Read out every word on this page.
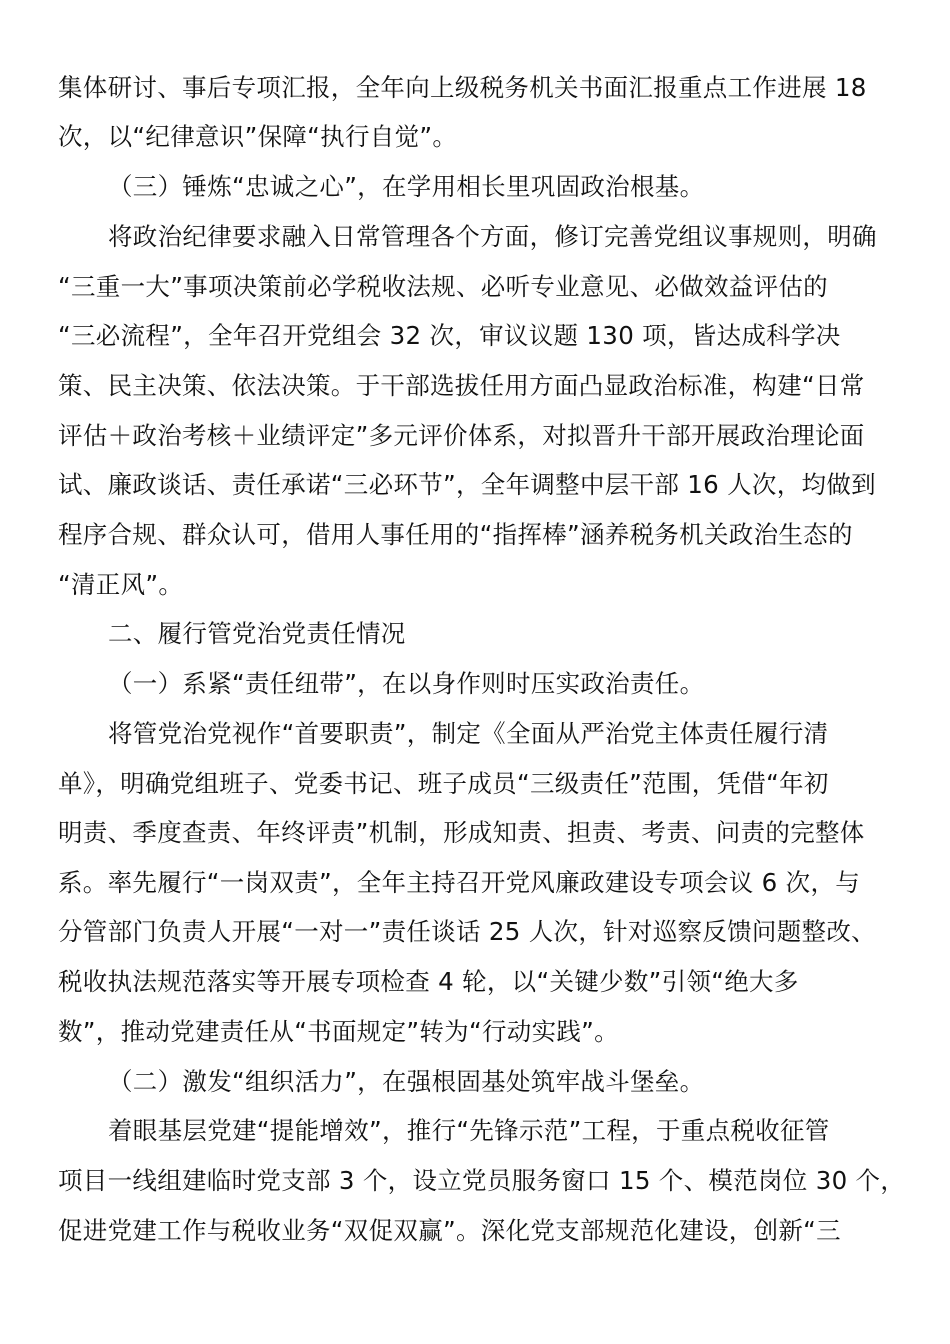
集体研讨、事后专项汇报，全年向上级税务机关书面汇报重点工作进展 18
次，以“纪律意识”保障“执行自觉”。
（三）锤炼“忠诚之心”，在学用相长里巩固政治根基。
将政治纪律要求融入日常管理各个方面，修订完善党组议事规则，明确
“三重一大”事项决策前必学税收法规、必听专业意见、必做效益评估的
“三必流程”，全年召开党组会 32 次，审议议题 130 项，皆达成科学决
策、民主决策、依法决策。于干部选拔任用方面凸显政治标准，构建“日常
评估＋政治考核＋业绩评定”多元评价体系，对拟晋升干部开展政治理论面
试、廉政谈话、责任承诺“三必环节”，全年调整中层干部 16 人次，均做到
程序合规、群众认可，借用人事任用的“指挥棒”涵养税务机关政治生态的
“清正风”。
二、履行管党治党责任情况
（一）系紧“责任纽带”，在以身作则时压实政治责任。
将管党治党视作“首要职责”，制定《全面从严治党主体责任履行清
单》，明确党组班子、党委书记、班子成员“三级责任”范围，凭借“年初
明责、季度查责、年终评责”机制，形成知责、担责、考责、问责的完整体
系。率先履行“一岗双责”，全年主持召开党风廉政建设专项会议 6 次，与
分管部门负责人开展“一对一”责任谈话 25 人次，针对巡察反馈问题整改、
税收执法规范落实等开展专项检查 4 轮，以“关键少数”引领“绝大多
数”，推动党建责任从“书面规定”转为“行动实践”。
（二）激发“组织活力”，在强根固基处筑牢战斗堡垒。
着眼基层党建“提能增效”，推行“先锋示范”工程，于重点税收征管
项目一线组建临时党支部 3 个，设立党员服务窗口 15 个、模范岗位 30 个，
促进党建工作与税收业务“双促双赢”。深化党支部规范化建设，创新“三
